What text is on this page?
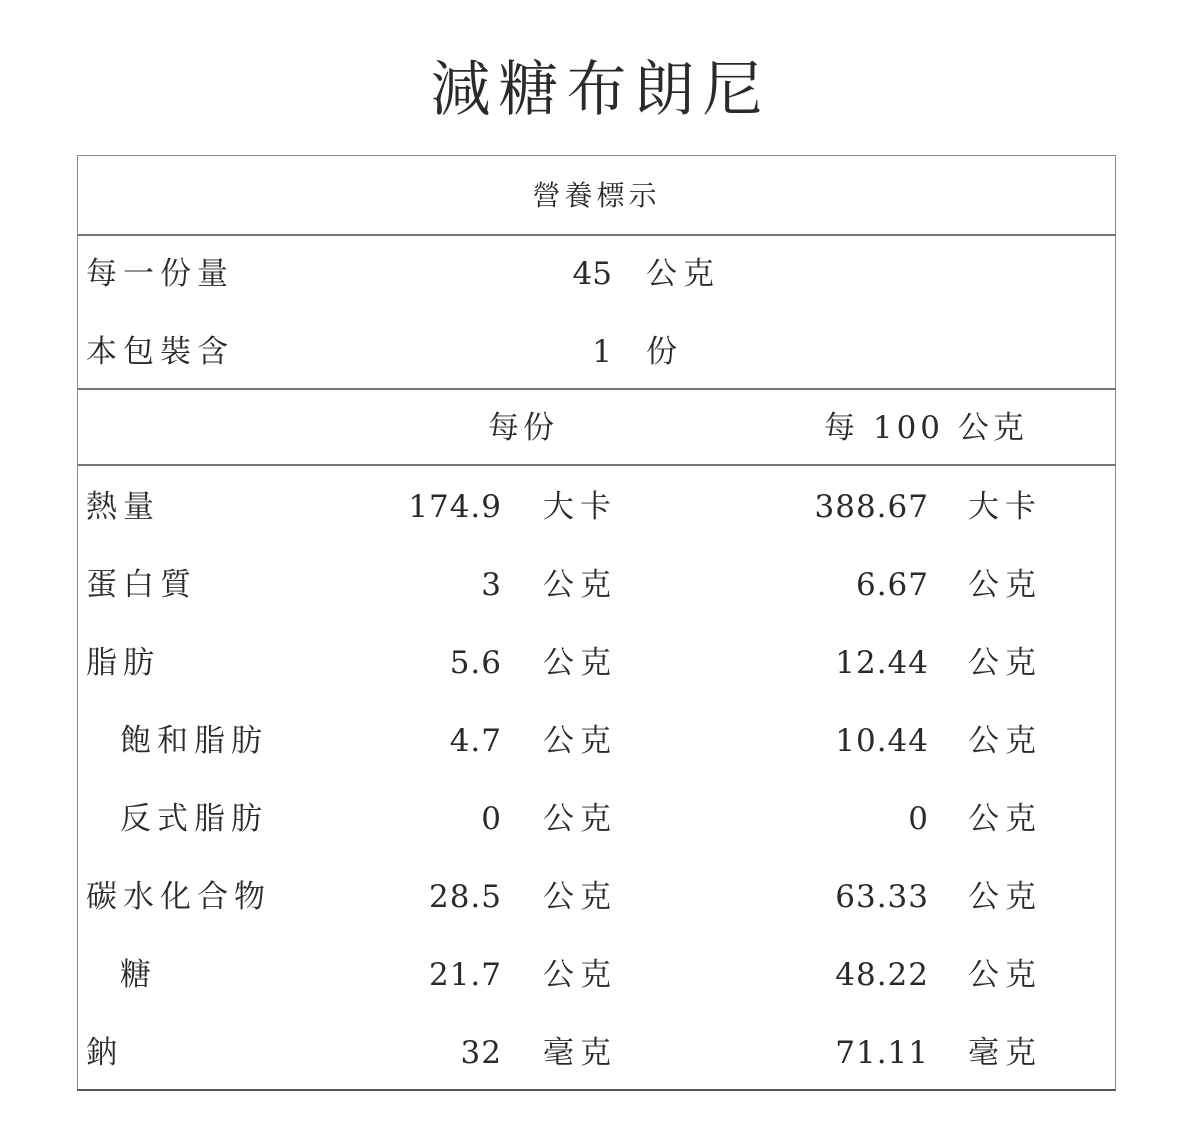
減糖布朗尼
營養標示
每一份量	45 公克
本包裝含	1 份
每份	每 100 公克
熱量	174.9 大卡	388.67 大卡
蛋白質	3 公克	6.67 公克
脂肪	5.6 公克	12.44 公克
飽和脂肪	4.7 公克	10.44 公克
反式脂肪	0 公克	0 公克
碳水化合物	28.5 公克	63.33 公克
糖	21.7 公克	48.22 公克
鈉	32 毫克	71.11 毫克
